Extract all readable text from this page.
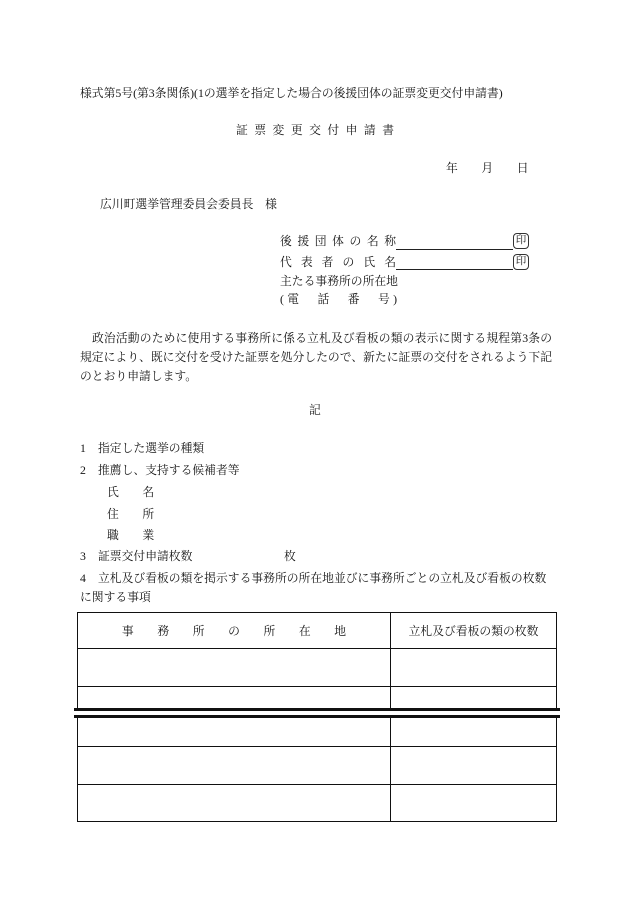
様式第5号(第3条関係)(1の選挙を指定した場合の後援団体の証票変更交付申請書)
証 票 変 更 交 付 申 請 書
年　　月　　日
広川町選挙管理委員会委員長　様
後 援 団 体 の 名 称	印
代 表 者 の 氏 名	印
主たる事務所の所在地
(電　話　番　号)
　政治活動のために使用する事務所に係る立札及び看板の類の表示に関する規程第3条の
規定により、既に交付を受けた証票を処分したので、新たに証票の交付をされるよう下記
のとおり申請します。
記
1 指定した選挙の種類
2 推薦し、支持する候補者等
氏　　名
住　　所
職　　業
3 証票交付申請枚数	枚
4 立札及び看板の類を掲示する事務所の所在地並びに事務所ごとの立札及び看板の枚数
に関する事項
事　　務　　所　　の　　所　　在　　地	立札及び看板の類の枚数
